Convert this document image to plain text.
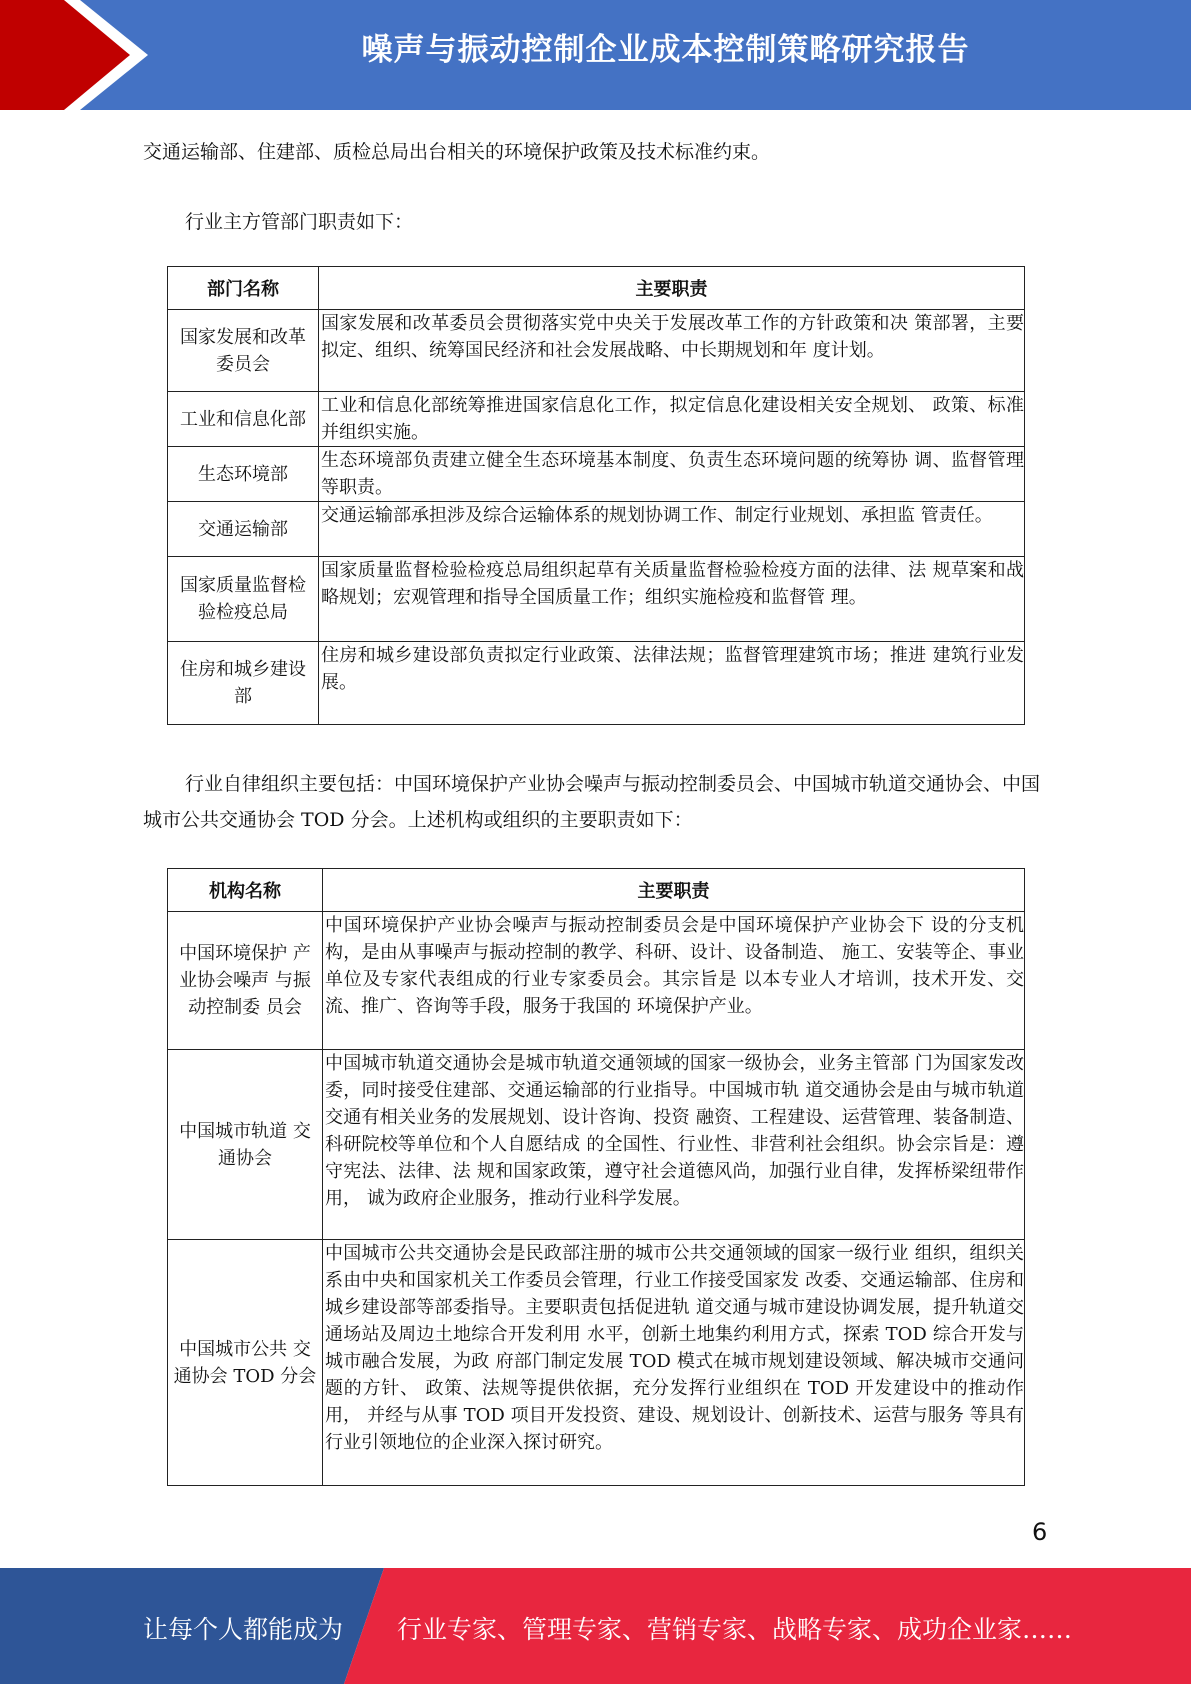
噪声与振动控制企业成本控制策略研究报告
交通运输部、住建部、质检总局出台相关的环境保护政策及技术标准约束。
行业主方管部门职责如下：
部门名称	主要职责
国家发展和改革委员会	国家发展和改革委员会贯彻落实党中央关于发展改革工作的方针政策和决 策部署，主要拟定、组织、统筹国民经济和社会发展战略、中长期规划和年 度计划。
工业和信息化部	工业和信息化部统筹推进国家信息化工作，拟定信息化建设相关安全规划、 政策、标准并组织实施。
生态环境部	生态环境部负责建立健全生态环境基本制度、负责生态环境问题的统筹协 调、监督管理等职责。
交通运输部	交通运输部承担涉及综合运输体系的规划协调工作、制定行业规划、承担监 管责任。
国家质量监督检验检疫总局	国家质量监督检验检疫总局组织起草有关质量监督检验检疫方面的法律、法 规草案和战略规划；宏观管理和指导全国质量工作；组织实施检疫和监督管 理。
住房和城乡建设部	住房和城乡建设部负责拟定行业政策、法律法规；监督管理建筑市场；推进 建筑行业发展。
行业自律组织主要包括：中国环境保护产业协会噪声与振动控制委员会、中国城市轨道交通协会、中国城市公共交通协会 TOD 分会。上述机构或组织的主要职责如下：
机构名称	主要职责
中国环境保护 产业协会噪声 与振动控制委 员会	中国环境保护产业协会噪声与振动控制委员会是中国环境保护产业协会下 设的分支机构，是由从事噪声与振动控制的教学、科研、设计、设备制造、 施工、安装等企、事业单位及专家代表组成的行业专家委员会。其宗旨是 以本专业人才培训，技术开发、交流、推广、咨询等手段，服务于我国的 环境保护产业。
中国城市轨道 交通协会	中国城市轨道交通协会是城市轨道交通领域的国家一级协会，业务主管部 门为国家发改委，同时接受住建部、交通运输部的行业指导。中国城市轨 道交通协会是由与城市轨道交通有相关业务的发展规划、设计咨询、投资 融资、工程建设、运营管理、装备制造、科研院校等单位和个人自愿结成 的全国性、行业性、非营利社会组织。协会宗旨是：遵守宪法、法律、法 规和国家政策，遵守社会道德风尚，加强行业自律，发挥桥梁纽带作用， 诚为政府企业服务，推动行业科学发展。
中国城市公共 交通协会 TOD 分会	中国城市公共交通协会是民政部注册的城市公共交通领域的国家一级行业 组织，组织关系由中央和国家机关工作委员会管理，行业工作接受国家发 改委、交通运输部、住房和城乡建设部等部委指导。主要职责包括促进轨 道交通与城市建设协调发展，提升轨道交通场站及周边土地综合开发利用 水平，创新土地集约利用方式，探索 TOD 综合开发与城市融合发展，为政 府部门制定发展 TOD 模式在城市规划建设领域、解决城市交通问题的方针、 政策、法规等提供依据，充分发挥行业组织在 TOD 开发建设中的推动作用， 并经与从事 TOD 项目开发投资、建设、规划设计、创新技术、运营与服务 等具有行业引领地位的企业深入探讨研究。
6
让每个人都能成为 行业专家、管理专家、营销专家、战略专家、成功企业家……
